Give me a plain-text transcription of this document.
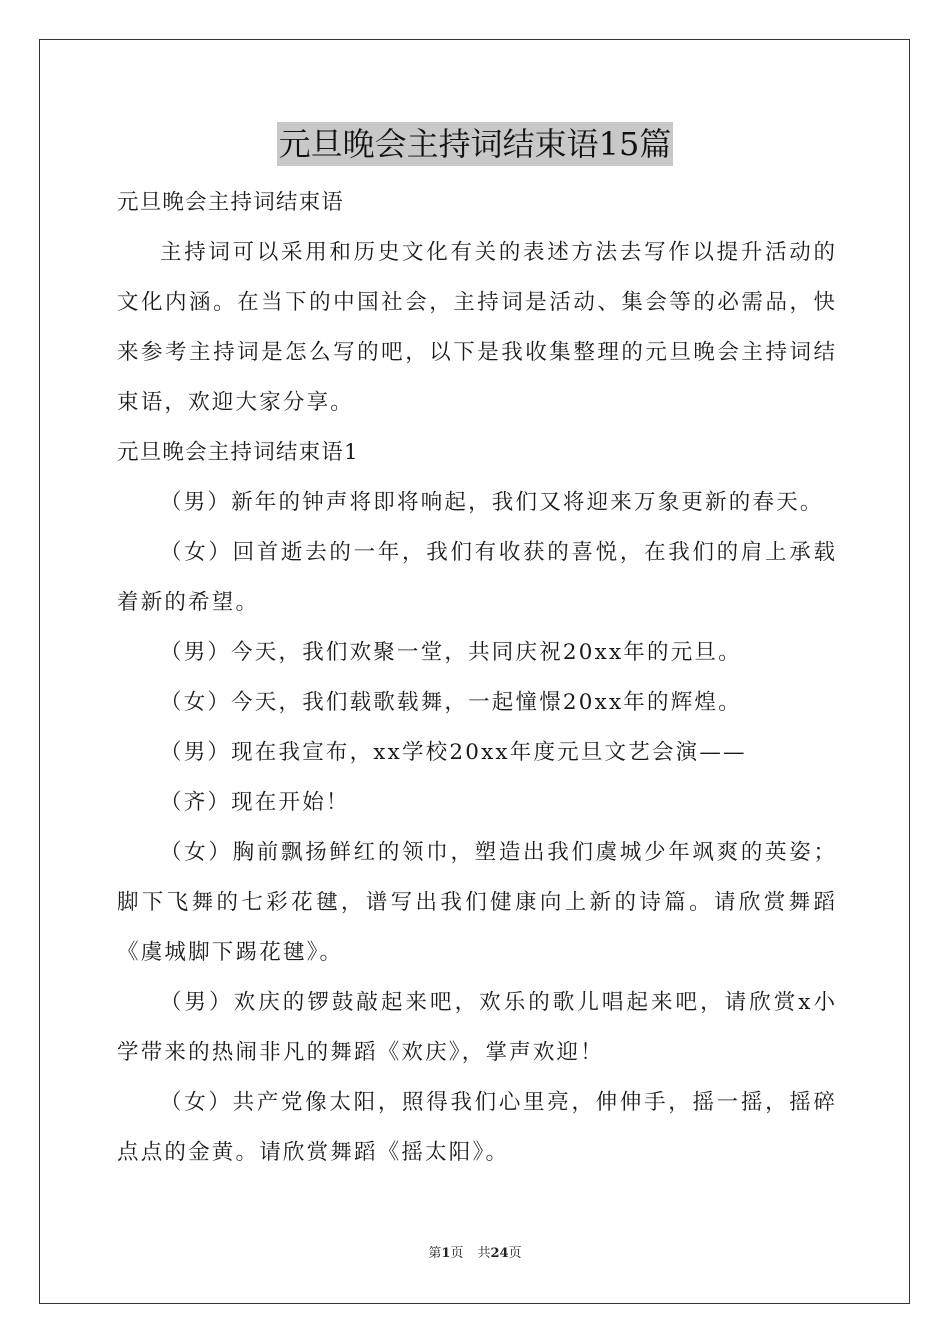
元旦晚会主持词结束语15篇
元旦晚会主持词结束语
主持词可以采用和历史文化有关的表述方法去写作以提升活动的
文化内涵。在当下的中国社会，主持词是活动、集会等的必需品，快
来参考主持词是怎么写的吧，以下是我收集整理的元旦晚会主持词结
束语，欢迎大家分享。
元旦晚会主持词结束语1
（男）新年的钟声将即将响起，我们又将迎来万象更新的春天。
（女）回首逝去的一年，我们有收获的喜悦，在我们的肩上承载
着新的希望。
（男）今天，我们欢聚一堂，共同庆祝20xx年的元旦。
（女）今天，我们载歌载舞，一起憧憬20xx年的辉煌。
（男）现在我宣布，xx学校20xx年度元旦文艺会演——
（齐）现在开始！
（女）胸前飘扬鲜红的领巾，塑造出我们虞城少年飒爽的英姿；
脚下飞舞的七彩花毽，谱写出我们健康向上新的诗篇。请欣赏舞蹈
《虞城脚下踢花毽》。
（男）欢庆的锣鼓敲起来吧，欢乐的歌儿唱起来吧，请欣赏x小
学带来的热闹非凡的舞蹈《欢庆》，掌声欢迎！
（女）共产党像太阳，照得我们心里亮，伸伸手，摇一摇，摇碎
点点的金黄。请欣赏舞蹈《摇太阳》。
第1页 共24页
